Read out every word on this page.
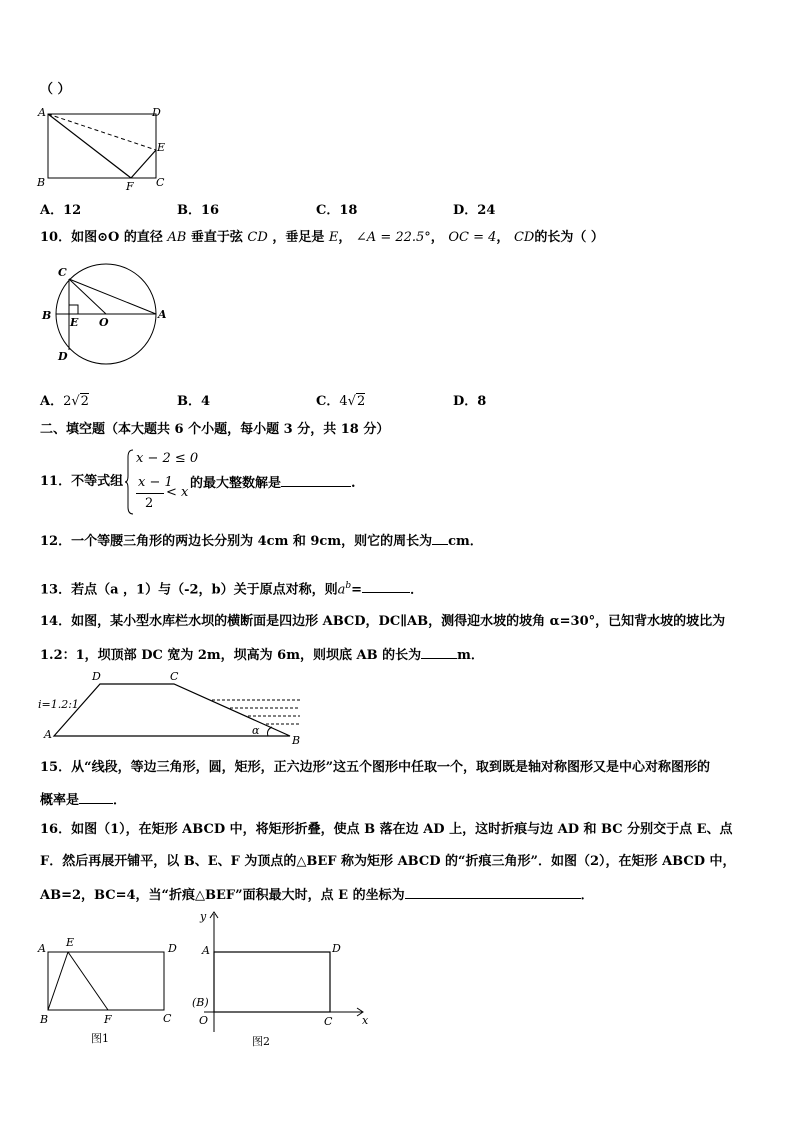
（ ）
A	D
E
B	F C
A．12	B．16	C．18	D．24
10．如图⊙O 的直径 AB 垂直于弦 CD ，垂足是 E， ∠A = 22.5°， OC = 4， CD的长为（ ）
C
B
E O
A
D
A．2√2	B．4	C．4√2	D．8
二、填空题（本大题共 6 个小题，每小题 3 分，共 18 分）
11．不等式组
x − 2 ≤ 0
x − 1
2
< x
的最大整数解是	.
12．一个等腰三角形的两边长分别为 4cm 和 9cm，则它的周长为 cm．
13．若点（a ，1）与（-2，b）关于原点对称，则$a^b=$	．
14．如图，某小型水库栏水坝的横断面是四边形 ABCD，DC∥AB，测得迎水坡的坡角 α=30°，已知背水坡的坡比为
1.2：1，坝顶部 DC 宽为 2m，坝高为 6m，则坝底 AB 的长为	m．
D	C
i=1.2:1
A	B
α
15．从“线段，等边三角形，圆，矩形，正六边形”这五个图形中任取一个，取到既是轴对称图形又是中心对称图形的
概率是	．
16．如图（1），在矩形 ABCD 中，将矩形折叠，使点 B 落在边 AD 上，这时折痕与边 AD 和 BC 分别交于点 E、点
F．然后再展开铺平，以 B、E、F 为顶点的△BEF 称为矩形 ABCD 的“折痕三角形”．如图（2），在矩形 ABCD 中，
AB=2，BC=4，当“折痕△BEF”面积最大时，点 E 的坐标为	．
A E	D
B	F	C
图1
y
A	D
(B)
O	C	x
图2
